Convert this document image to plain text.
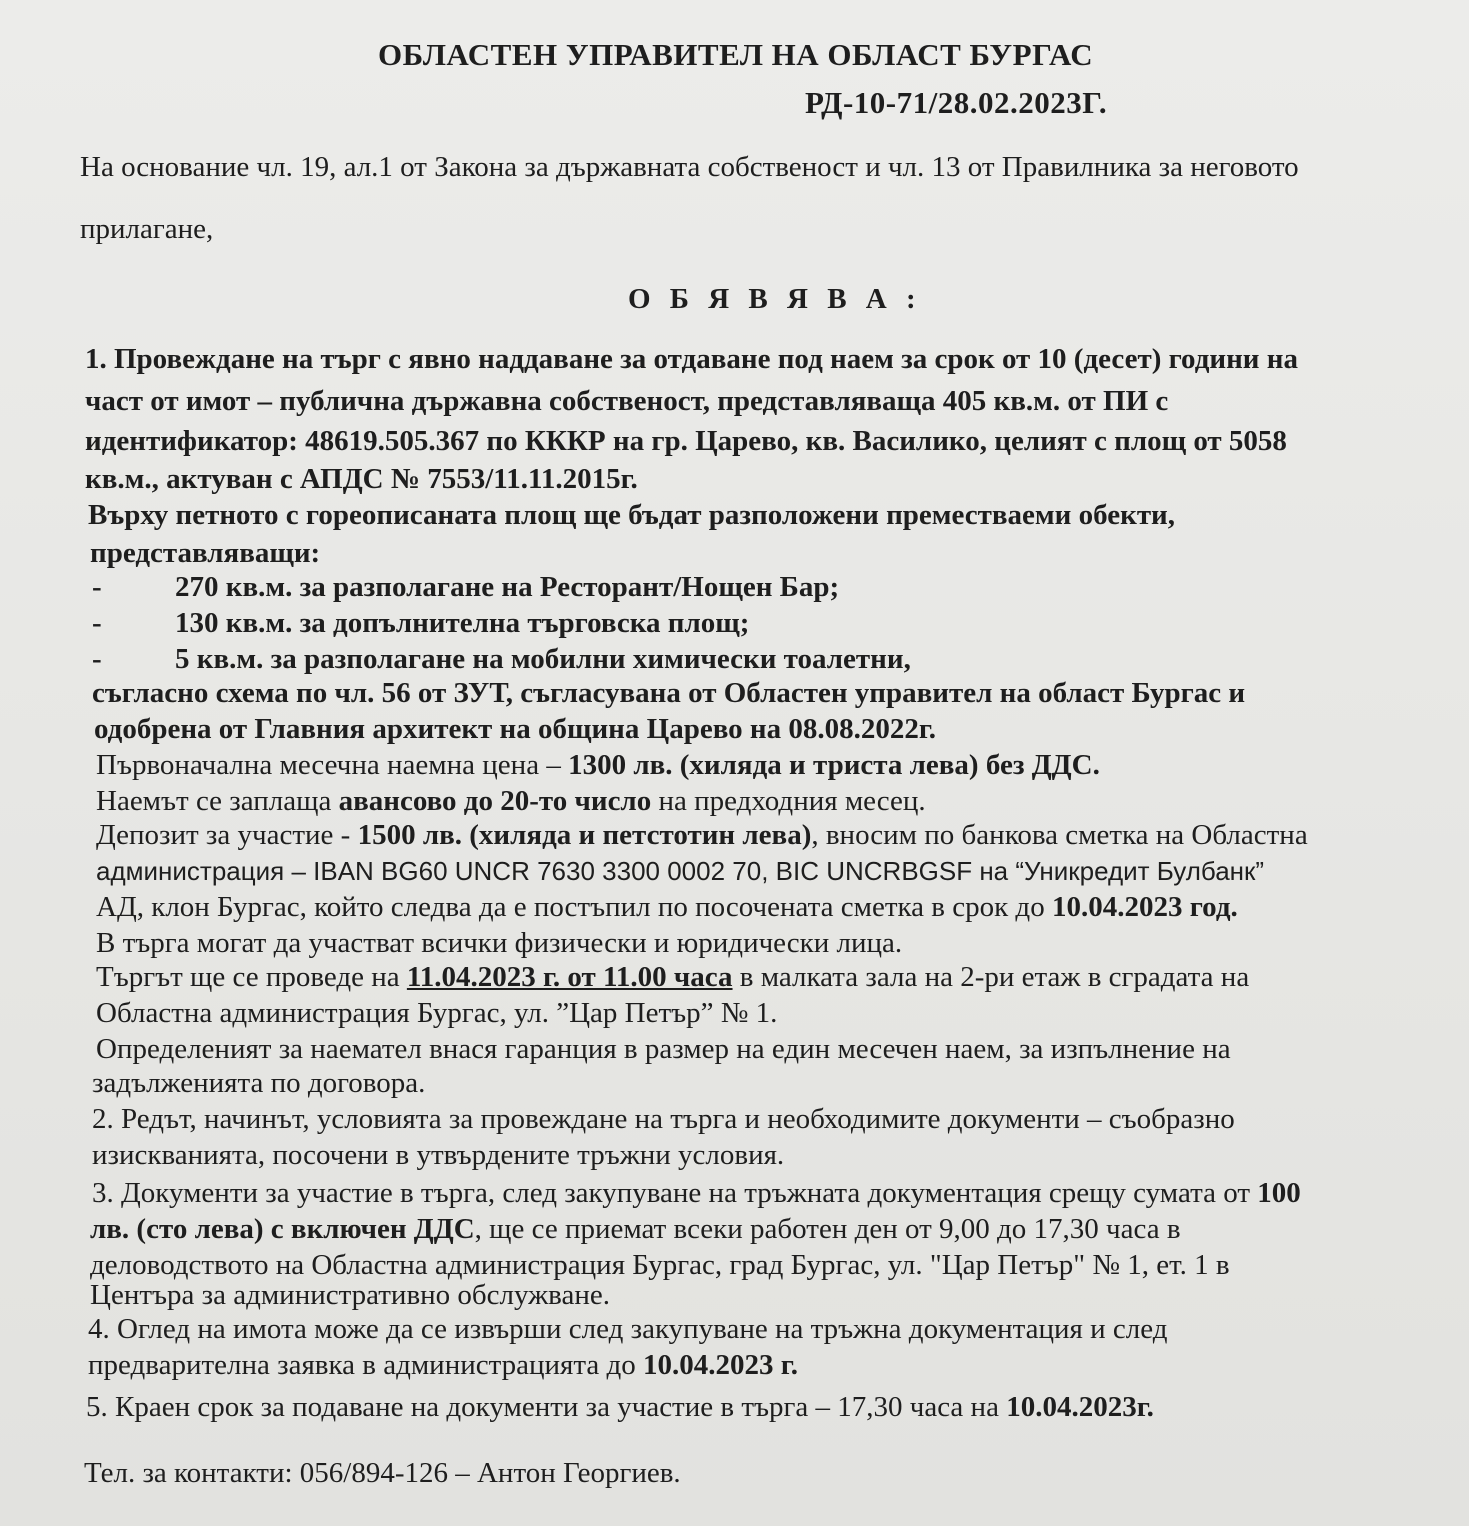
ОБЛАСТЕН УПРАВИТЕЛ НА ОБЛАСТ БУРГАС
РД-10-71/28.02.2023Г.
На основание чл. 19, ал.1 от Закона за държавната собственост и чл. 13 от Правилника за неговото
прилагане,
О Б Я В Я В А :
1. Провеждане на търг с явно наддаване за отдаване под наем за срок от 10 (десет) години на
част от имот – публична държавна собственост, представляваща 405 кв.м. от ПИ с
идентификатор: 48619.505.367 по КККР на гр. Царево, кв. Василико, целият с площ от 5058
кв.м., актуван с АПДС № 7553/11.11.2015г.
Върху петното с гореописаната площ ще бъдат разположени преместваеми обекти,
представляващи:
-	270 кв.м. за разполагане на Ресторант/Нощен Бар;
-	130 кв.м. за допълнителна търговска площ;
-	5 кв.м. за разполагане на мобилни химически тоалетни,
съгласно схема по чл. 56 от ЗУТ, съгласувана от Областен управител на област Бургас и
одобрена от Главния архитект на община Царево на 08.08.2022г.
Първоначална месечна наемна цена – 1300 лв. (хиляда и триста лева) без ДДС.
Наемът се заплаща авансово до 20-то число на предходния месец.
Депозит за участие - 1500 лв. (хиляда и петстотин лева), вносим по банкова сметка на Областна
администрация – IBAN BG60 UNCR 7630 3300 0002 70, BIC UNCRBGSF на “Уникредит Булбанк”
АД, клон Бургас, който следва да е постъпил по посочената сметка в срок до 10.04.2023 год.
В търга могат да участват всички физически и юридически лица.
Търгът ще се проведе на 11.04.2023 г. от 11.00 часа в малката зала на 2-ри етаж в сградата на
Областна администрация Бургас, ул. ”Цар Петър” № 1.
Определеният за наемател внася гаранция в размер на един месечен наем, за изпълнение на
задълженията по договора.
2. Редът, начинът, условията за провеждане на търга и необходимите документи – съобразно
изискванията, посочени в утвърдените тръжни условия.
3. Документи за участие в търга, след закупуване на тръжната документация срещу сумата от 100
лв. (сто лева) с включен ДДС, ще се приемат всеки работен ден от 9,00 до 17,30 часа в
деловодството на Областна администрация Бургас, град Бургас, ул. "Цар Петър" № 1, ет. 1 в
Центъра за административно обслужване.
4. Оглед на имота може да се извърши след закупуване на тръжна документация и след
предварителна заявка в администрацията до 10.04.2023 г.
5. Краен срок за подаване на документи за участие в търга – 17,30 часа на 10.04.2023г.
Тел. за контакти: 056/894-126 – Антон Георгиев.
